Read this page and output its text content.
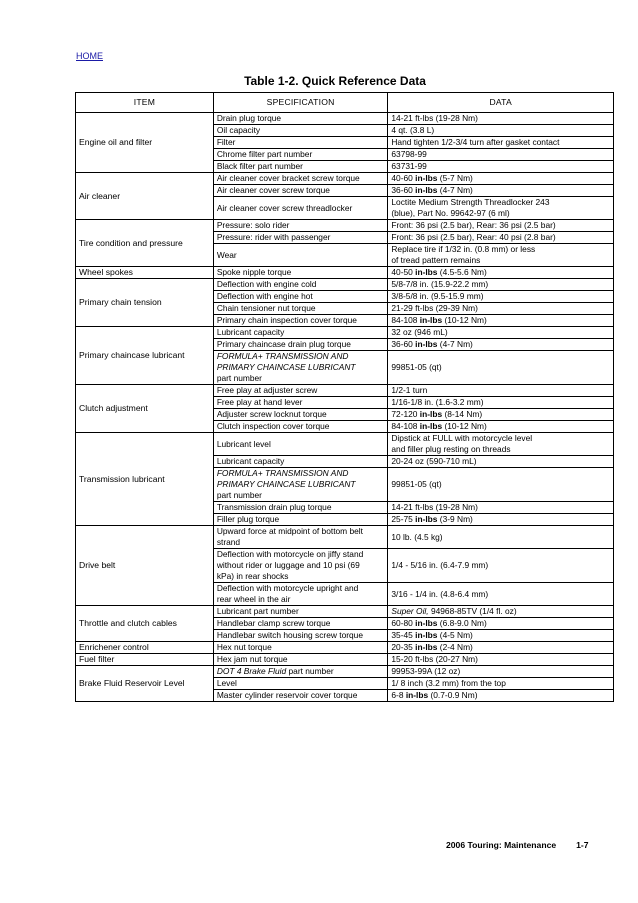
HOME
Table 1-2. Quick Reference Data
ITEM	SPECIFICATION	DATA
Engine oil and filter	Drain plug torque	14-21 ft-lbs (19-28 Nm)
	Oil capacity	4 qt. (3.8 L)
	Filter	Hand tighten 1/2-3/4 turn after gasket contact
	Chrome filter part number	63798-99
	Black filter part number	63731-99
Air cleaner	Air cleaner cover bracket screw torque	40-60 in-lbs (5-7 Nm)
	Air cleaner cover screw torque	36-60 in-lbs (4-7 Nm)
	Air cleaner cover screw threadlocker	Loctite Medium Strength Threadlocker 243
(blue), Part No. 99642-97 (6 ml)

Tire condition and pressure	Pressure: solo rider	Front: 36 psi (2.5 bar), Rear: 36 psi (2.5 bar)
	Pressure: rider with passenger	Front: 36 psi (2.5 bar), Rear: 40 psi (2.8 bar)
	Wear	Replace tire if 1/32 in. (0.8 mm) or less
of tread pattern remains

Wheel spokes	Spoke nipple torque	40-50 in-lbs (4.5-5.6 Nm)
Primary chain tension	Deflection with engine cold	5/8-7/8 in. (15.9-22.2 mm)
	Deflection with engine hot	3/8-5/8 in. (9.5-15.9 mm)
	Chain tensioner nut torque	21-29 ft-lbs (29-39 Nm)
	Primary chain inspection cover torque	84-108 in-lbs (10-12 Nm)
Primary chaincase lubricant	Lubricant capacity	32 oz (946 mL)
	Primary chaincase drain plug torque	36-60 in-lbs (4-7 Nm)

	FORMULA+ TRANSMISSION AND
PRIMARY CHAINCASE LUBRICANT
part number	99851-05 (qt)
Clutch adjustment	Free play at adjuster screw	1/2-1 turn
	Free play at hand lever	1/16-1/8 in. (1.6-3.2 mm)
	Adjuster screw locknut torque	72-120 in-lbs (8-14 Nm)
	Clutch inspection cover torque	84-108 in-lbs (10-12 Nm)
Transmission lubricant	Lubricant level	Dipstick at FULL with motorcycle level
and filler plug resting on threads

	Lubricant capacity	20-24 oz (590-710 mL)

	FORMULA+ TRANSMISSION AND
PRIMARY CHAINCASE LUBRICANT
part number	99851-05 (qt)
	Transmission drain plug torque	14-21 ft-lbs (19-28 Nm)
	Filler plug torque	25-75 in-lbs (3-9 Nm)
Drive belt	Upward force at midpoint of bottom belt
strand	10 lb. (4.5 kg)

	Deflection with motorcycle on jiffy stand
without rider or luggage and 10 psi (69
kPa) in rear shocks	1/4 - 5/16 in. (6.4-7.9 mm)

	Deflection with motorcycle upright and
rear wheel in the air	3/16 - 1/4 in. (4.8-6.4 mm)
Throttle and clutch cables	Lubricant part number	Super Oil, 94968-85TV (1/4 fl. oz)
	Handlebar clamp screw torque	60-80 in-lbs (6.8-9.0 Nm)
	Handlebar switch housing screw torque	35-45 in-lbs (4-5 Nm)
Enrichener control	Hex nut torque	20-35 in-lbs (2-4 Nm)
Fuel filter	Hex jam nut torque	15-20 ft-lbs (20-27 Nm)
Brake Fluid Reservoir Level	DOT 4 Brake Fluid part number	99953-99A (12 oz)
	Level	1/ 8 inch (3.2 mm) from the top
	Master cylinder reservoir cover torque	6-8 in-lbs (0.7-0.9 Nm)
2006 Touring: Maintenance 1-7
